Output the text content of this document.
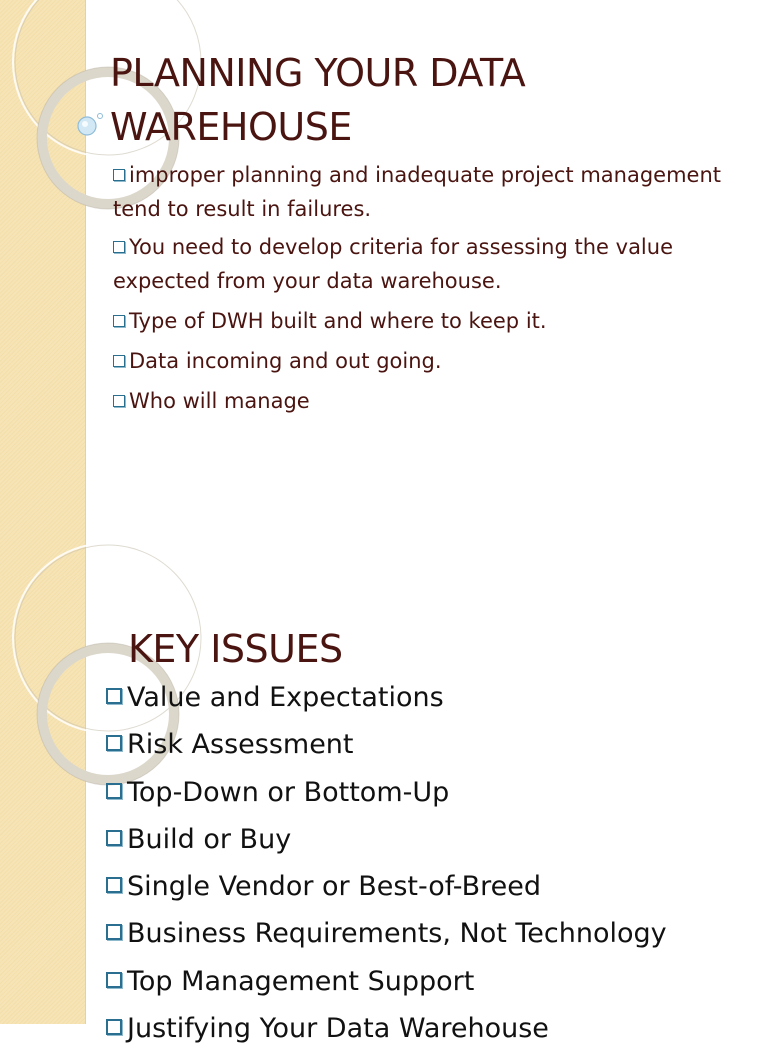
PLANNING YOUR DATA WAREHOUSE
improper planning and inadequate project management tend to result in failures.
You need to develop criteria for assessing the value expected from your data warehouse.
Type of DWH built and where to keep it.
Data incoming and out going.
Who will manage
KEY ISSUES
Value and Expectations
Risk Assessment
Top-Down or Bottom-Up
Build or Buy
Single Vendor or Best-of-Breed
Business Requirements, Not Technology
Top Management Support
Justifying Your Data Warehouse
